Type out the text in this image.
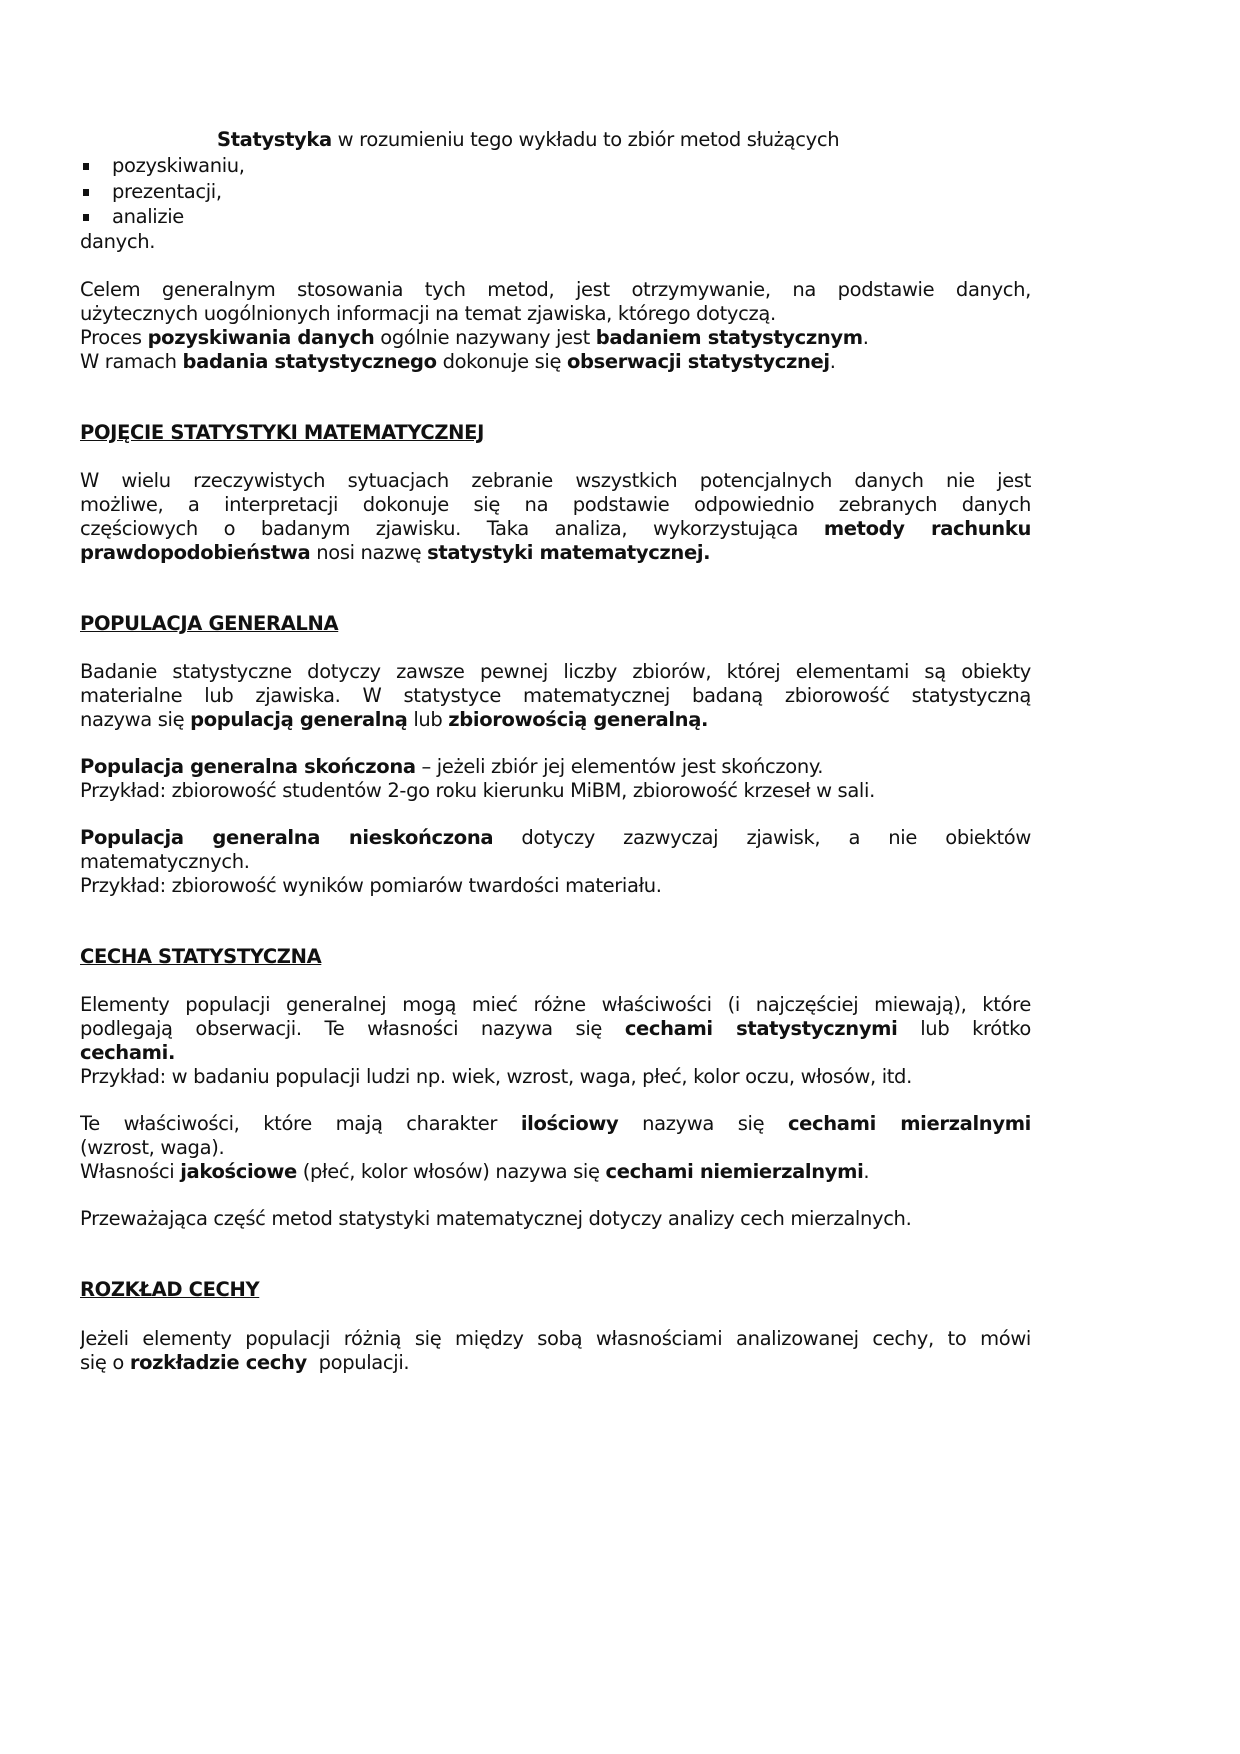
Statystyka w rozumieniu tego wykładu to zbiór metod służących
pozyskiwaniu,
prezentacji,
analizie
danych.
Celem generalnym stosowania tych metod, jest otrzymywanie, na podstawie danych,
użytecznych uogólnionych informacji na temat zjawiska, którego dotyczą.
Proces pozyskiwania danych ogólnie nazywany jest badaniem statystycznym.
W ramach badania statystycznego dokonuje się obserwacji statystycznej.
POJĘCIE STATYSTYKI MATEMATYCZNEJ
W wielu rzeczywistych sytuacjach zebranie wszystkich potencjalnych danych nie jest
możliwe, a interpretacji dokonuje się na podstawie odpowiednio zebranych danych
częściowych o badanym zjawisku. Taka analiza, wykorzystująca metody rachunku
prawdopodobieństwa nosi nazwę statystyki matematycznej.
POPULACJA GENERALNA
Badanie statystyczne dotyczy zawsze pewnej liczby zbiorów, której elementami są obiekty
materialne lub zjawiska. W statystyce matematycznej badaną zbiorowość statystyczną
nazywa się populacją generalną lub zbiorowością generalną.
Populacja generalna skończona – jeżeli zbiór jej elementów jest skończony.
Przykład: zbiorowość studentów 2-go roku kierunku MiBM, zbiorowość krzeseł w sali.
Populacja generalna nieskończona dotyczy zazwyczaj zjawisk, a nie obiektów
matematycznych.
Przykład: zbiorowość wyników pomiarów twardości materiału.
CECHA STATYSTYCZNA
Elementy populacji generalnej mogą mieć różne właściwości (i najczęściej miewają), które
podlegają obserwacji. Te własności nazywa się cechami statystycznymi lub krótko
cechami.
Przykład: w badaniu populacji ludzi np. wiek, wzrost, waga, płeć, kolor oczu, włosów, itd.
Te właściwości, które mają charakter ilościowy nazywa się cechami mierzalnymi
(wzrost, waga).
Własności jakościowe (płeć, kolor włosów) nazywa się cechami niemierzalnymi.
Przeważająca część metod statystyki matematycznej dotyczy analizy cech mierzalnych.
ROZKŁAD CECHY
Jeżeli elementy populacji różnią się między sobą własnościami analizowanej cechy, to mówi
się o rozkładzie cechy  populacji.
